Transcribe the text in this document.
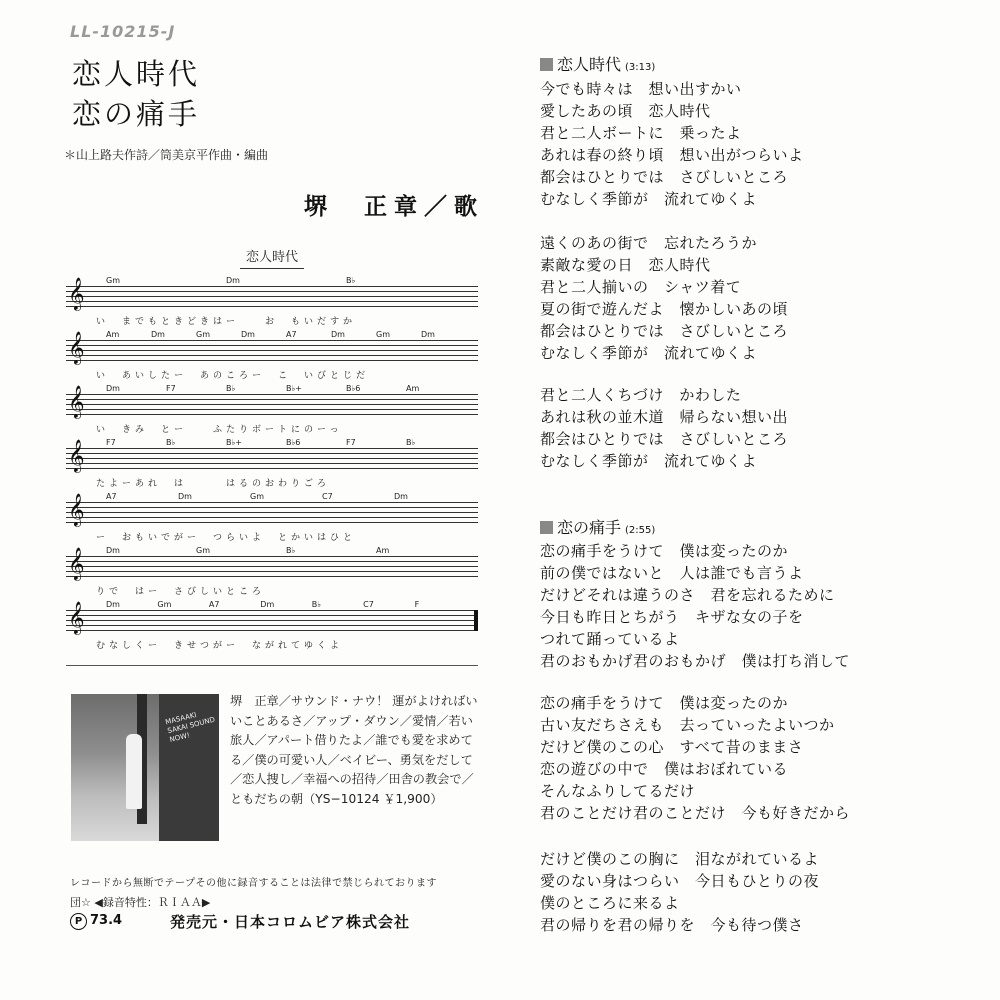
LL-10215-J
恋人時代
恋の痛手
＊山上路夫作詩／筒美京平作曲・編曲
堺　正章／歌
恋人時代
𝄞	Gm	Dm	B♭
い　までもときどきはー　　お　もいだすか
𝄞	Am	Dm	Gm	Dm	A7	Dm	Gm	Dm
い　あいしたー　あのころー　こ　いびとじだ
𝄞	Dm	F7	B♭	B♭+	B♭6	Am
い　きみ　とー　　ふたりボートにのーっ
𝄞	F7	B♭	B♭+	B♭6	F7	B♭
たよーあれ　は　　　はるのおわりごろ
𝄞	A7	Dm	Gm	C7	Dm
ー　おもいでがー　つらいよ　とかいはひと
𝄞	Dm	Gm	B♭	Am
りで　はー　さびしいところ
𝄞	Dm	Gm	A7	Dm	B♭	C7	F
むなしくー　きせつがー　ながれてゆくよ
MASAAKI SAKAI SOUND NOW!
堺　正章／サウンド・ナウ！ 運がよければいいことあるさ／アップ・ダウン／愛情／若い旅人／アパート借りたよ／誰でも愛を求めてる／僕の可愛い人／ベイビー、勇気をだして／恋人捜し／幸福への招待／田舎の教会で／ともだちの朝（YS−10124 ￥1,900）
レコードから無断でテープその他に録音することは法律で禁じられております
団☆ ◀録音特性：ＲＩＡＡ▶
P 73.4	発売元・日本コロムビア株式会社
恋人時代 (3:13)
今でも時々は　想い出すかい
愛したあの頃　恋人時代
君と二人ボートに　乗ったよ
あれは春の終り頃　想い出がつらいよ
都会はひとりでは　さびしいところ
むなしく季節が　流れてゆくよ
遠くのあの街で　忘れたろうか
素敵な愛の日　恋人時代
君と二人揃いの　シャツ着て
夏の街で遊んだよ　懐かしいあの頃
都会はひとりでは　さびしいところ
むなしく季節が　流れてゆくよ
君と二人くちづけ　かわした
あれは秋の並木道　帰らない想い出
都会はひとりでは　さびしいところ
むなしく季節が　流れてゆくよ
恋の痛手 (2:55)
恋の痛手をうけて　僕は変ったのか
前の僕ではないと　人は誰でも言うよ
だけどそれは違うのさ　君を忘れるために
今日も昨日とちがう　キザな女の子を
つれて踊っているよ
君のおもかげ君のおもかげ　僕は打ち消して
恋の痛手をうけて　僕は変ったのか
古い友だちさえも　去っていったよいつか
だけど僕のこの心　すべて昔のままさ
恋の遊びの中で　僕はおぼれている
そんなふりしてるだけ
君のことだけ君のことだけ　今も好きだから
だけど僕のこの胸に　泪ながれているよ
愛のない身はつらい　今日もひとりの夜
僕のところに来るよ
君の帰りを君の帰りを　今も待つ僕さ
